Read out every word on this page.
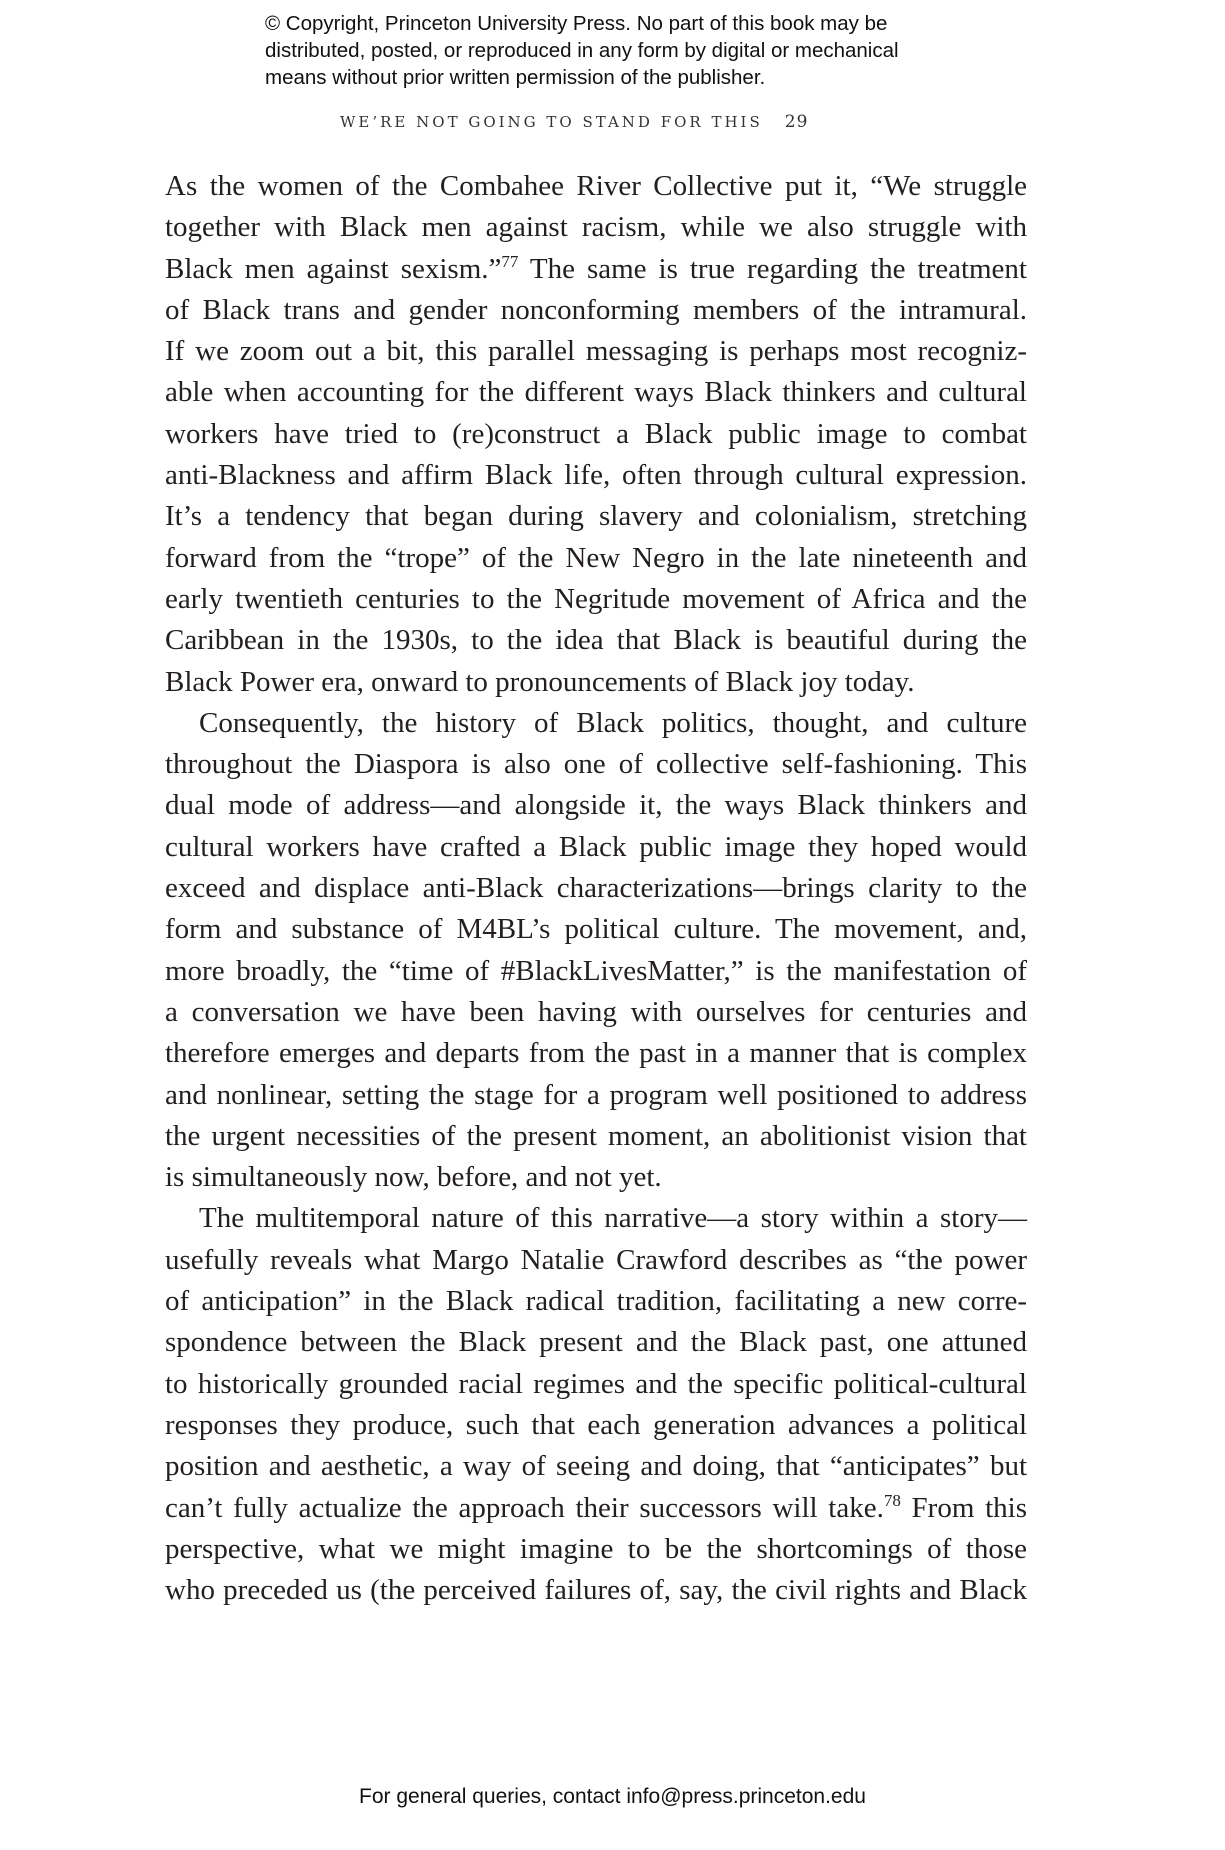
© Copyright, Princeton University Press. No part of this book may be
distributed, posted, or reproduced in any form by digital or mechanical
means without prior written permission of the publisher.
WE’RE NOT GOING TO STAND FOR THIS 29
As the women of the Combahee River Collective put it, “We struggle
together with Black men against racism, while we also struggle with
Black men against sexism.”$^{77}$ The same is true regarding the treatment
of Black trans and gender nonconforming members of the intramural.
If we zoom out a bit, this parallel messaging is perhaps most recogniz-
able when accounting for the different ways Black thinkers and cultural
workers have tried to (re)construct a Black public image to combat
anti-Blackness and affirm Black life, often through cultural expression.
It’s a tendency that began during slavery and colonialism, stretching
forward from the “trope” of the New Negro in the late nineteenth and
early twentieth centuries to the Negritude movement of Africa and the
Caribbean in the 1930s, to the idea that Black is beautiful during the
Black Power era, onward to pronouncements of Black joy today.
Consequently, the history of Black politics, thought, and culture
throughout the Diaspora is also one of collective self-fashioning. This
dual mode of address—and alongside it, the ways Black thinkers and
cultural workers have crafted a Black public image they hoped would
exceed and displace anti-Black characterizations—brings clarity to the
form and substance of M4BL’s political culture. The movement, and,
more broadly, the “time of #BlackLivesMatter,” is the manifestation of
a conversation we have been having with ourselves for centuries and
therefore emerges and departs from the past in a manner that is complex
and nonlinear, setting the stage for a program well positioned to address
the urgent necessities of the present moment, an abolitionist vision that
is simultaneously now, before, and not yet.
The multitemporal nature of this narrative—a story within a story—
usefully reveals what Margo Natalie Crawford describes as “the power
of anticipation” in the Black radical tradition, facilitating a new corre-
spondence between the Black present and the Black past, one attuned
to historically grounded racial regimes and the specific political-cultural
responses they produce, such that each generation advances a political
position and aesthetic, a way of seeing and doing, that “anticipates” but
can’t fully actualize the approach their successors will take.$^{78}$ From this
perspective, what we might imagine to be the shortcomings of those
who preceded us (the perceived failures of, say, the civil rights and Black
For general queries, contact info@press.princeton.edu
